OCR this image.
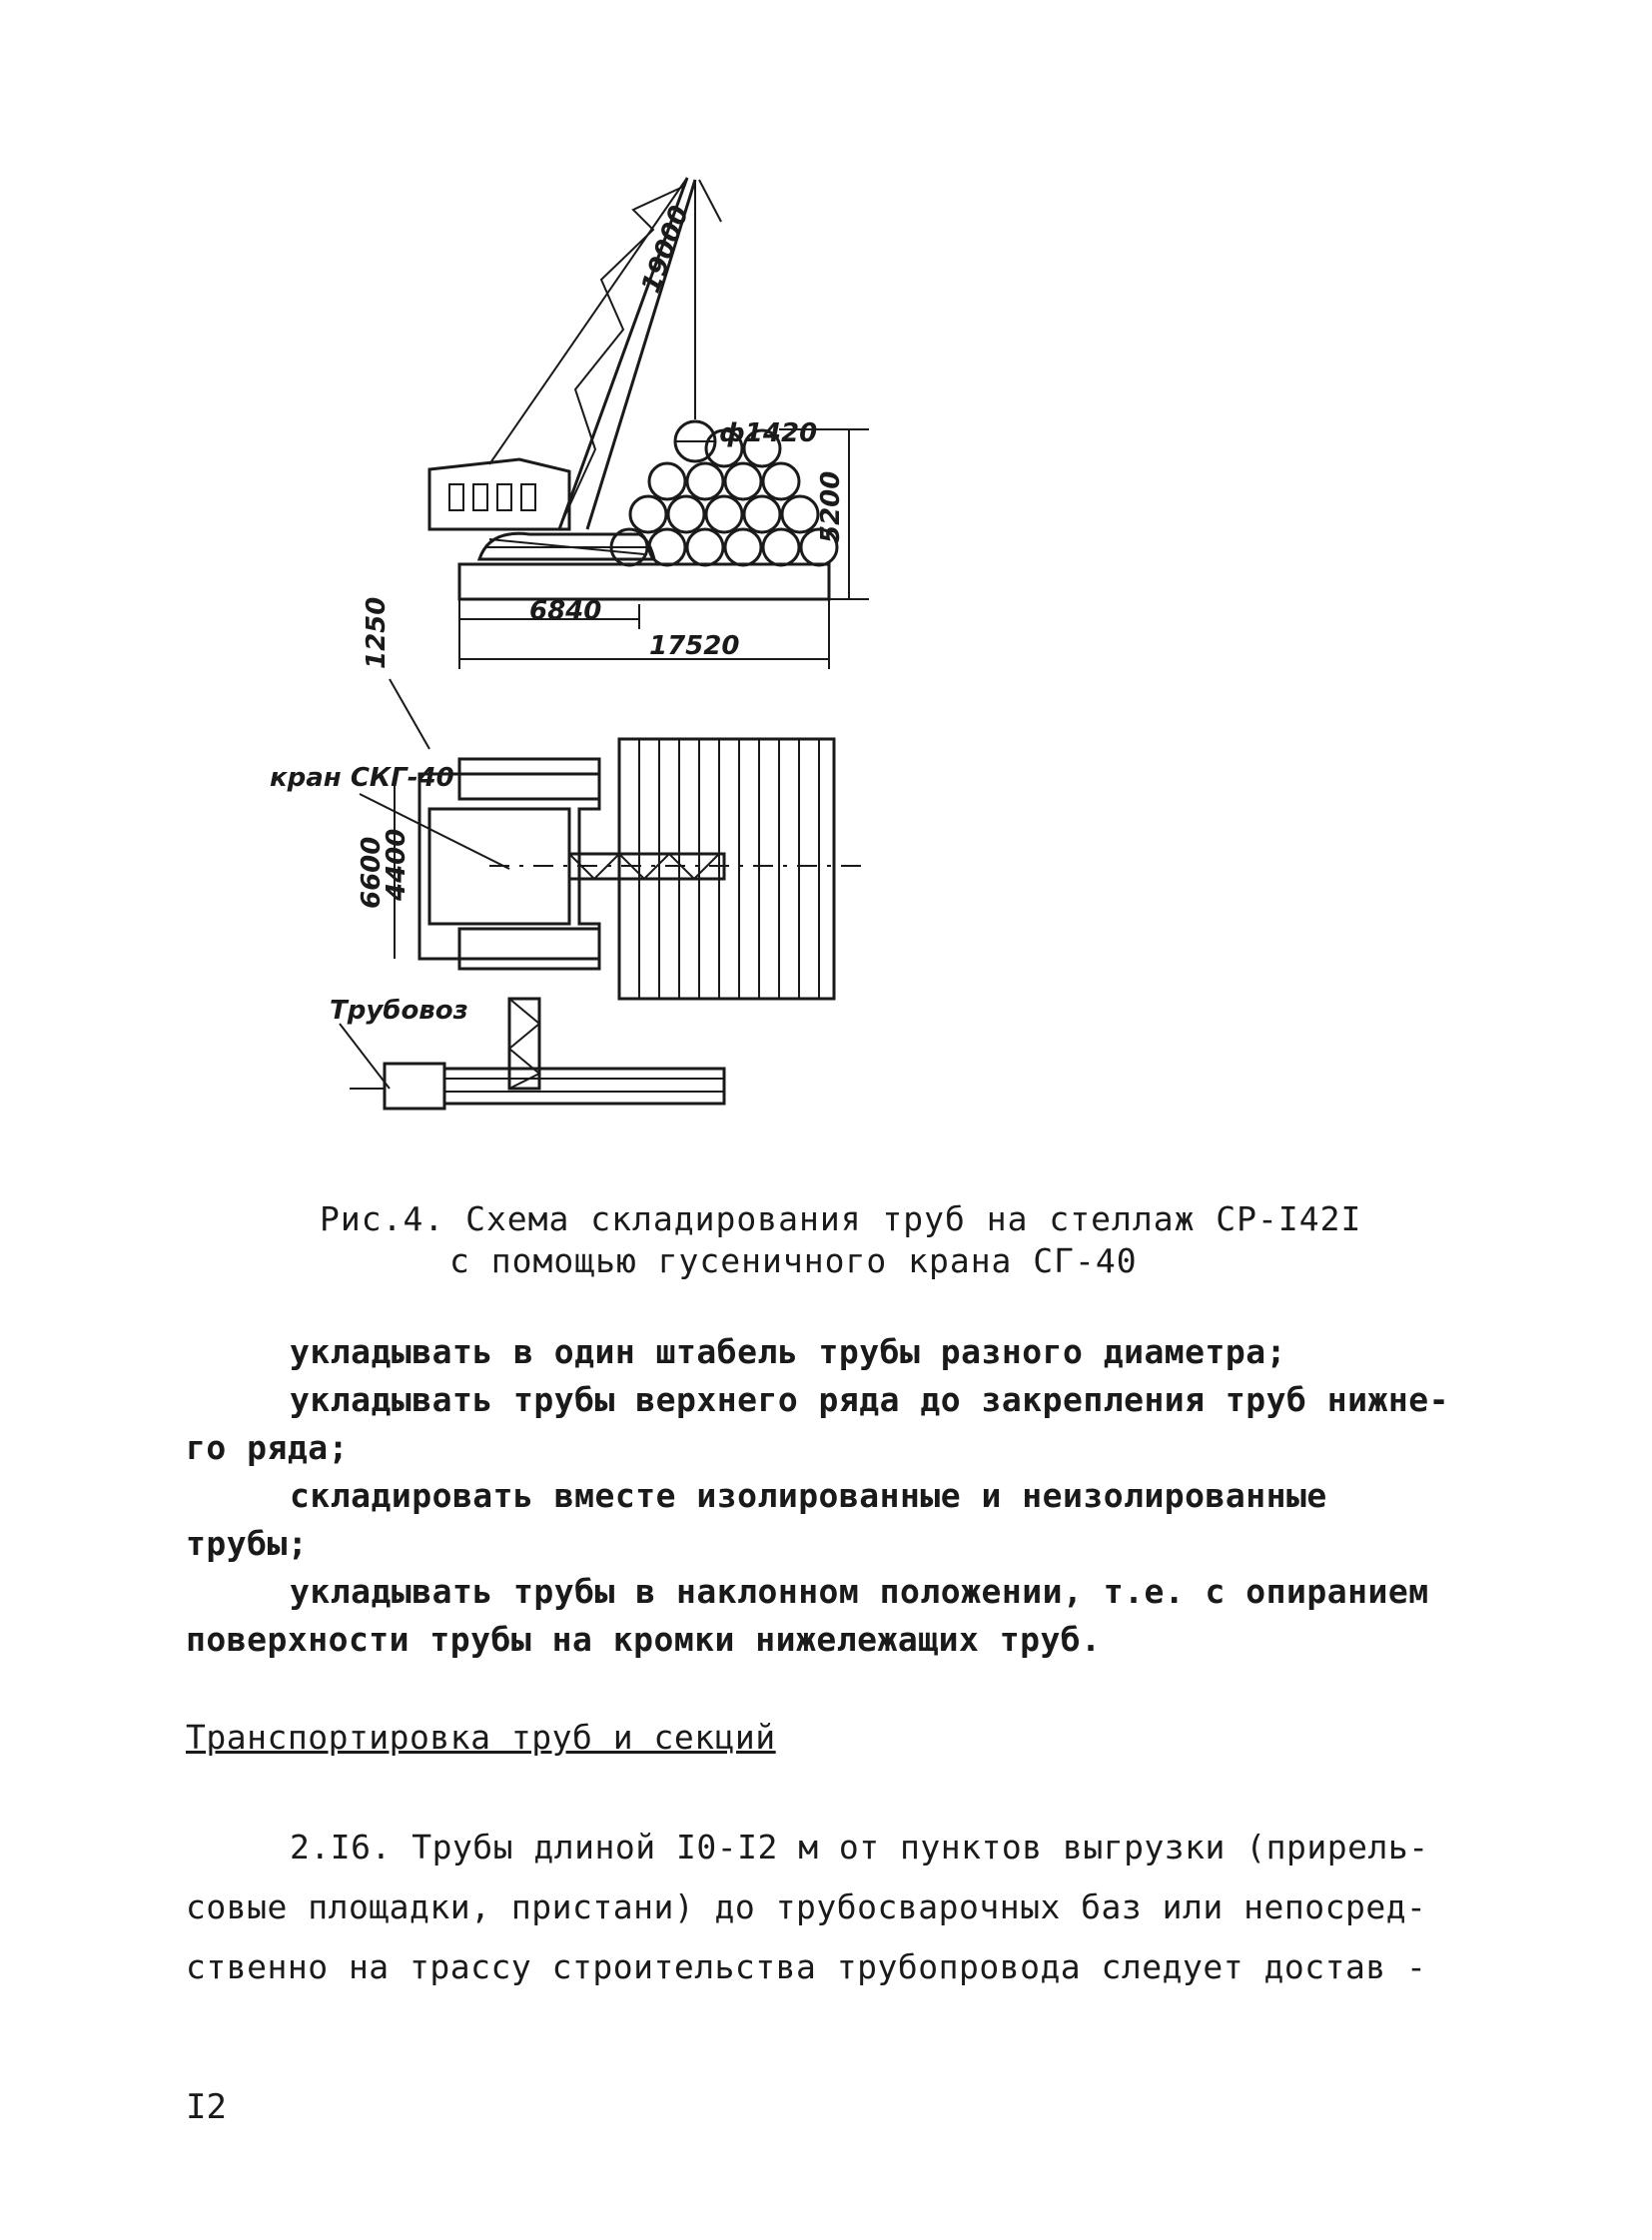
19000
ф1420
5200
6840
17520
1250
кран СКГ-40
6600
4400
Трубовоз
Рис.4. Схема складирования труб на стеллаж СР-I42I
с помощью гусеничного крана СГ-40

укладывать в один штабель трубы разного диаметра;

укладывать трубы верхнего ряда до закрепления труб нижне-

го ряда;

складировать вместе изолированные и неизолированные трубы;

укладывать трубы в наклонном положении, т.е. с опиранием

поверхности трубы на кромки нижележащих труб.

Транспортировка труб и секций

2.I6. Трубы длиной I0-I2 м от пунктов выгрузки (прирель-

совые площадки, пристани) до трубосварочных баз или непосред-
ственно на трассу строительства трубопровода следует достав -
I2
